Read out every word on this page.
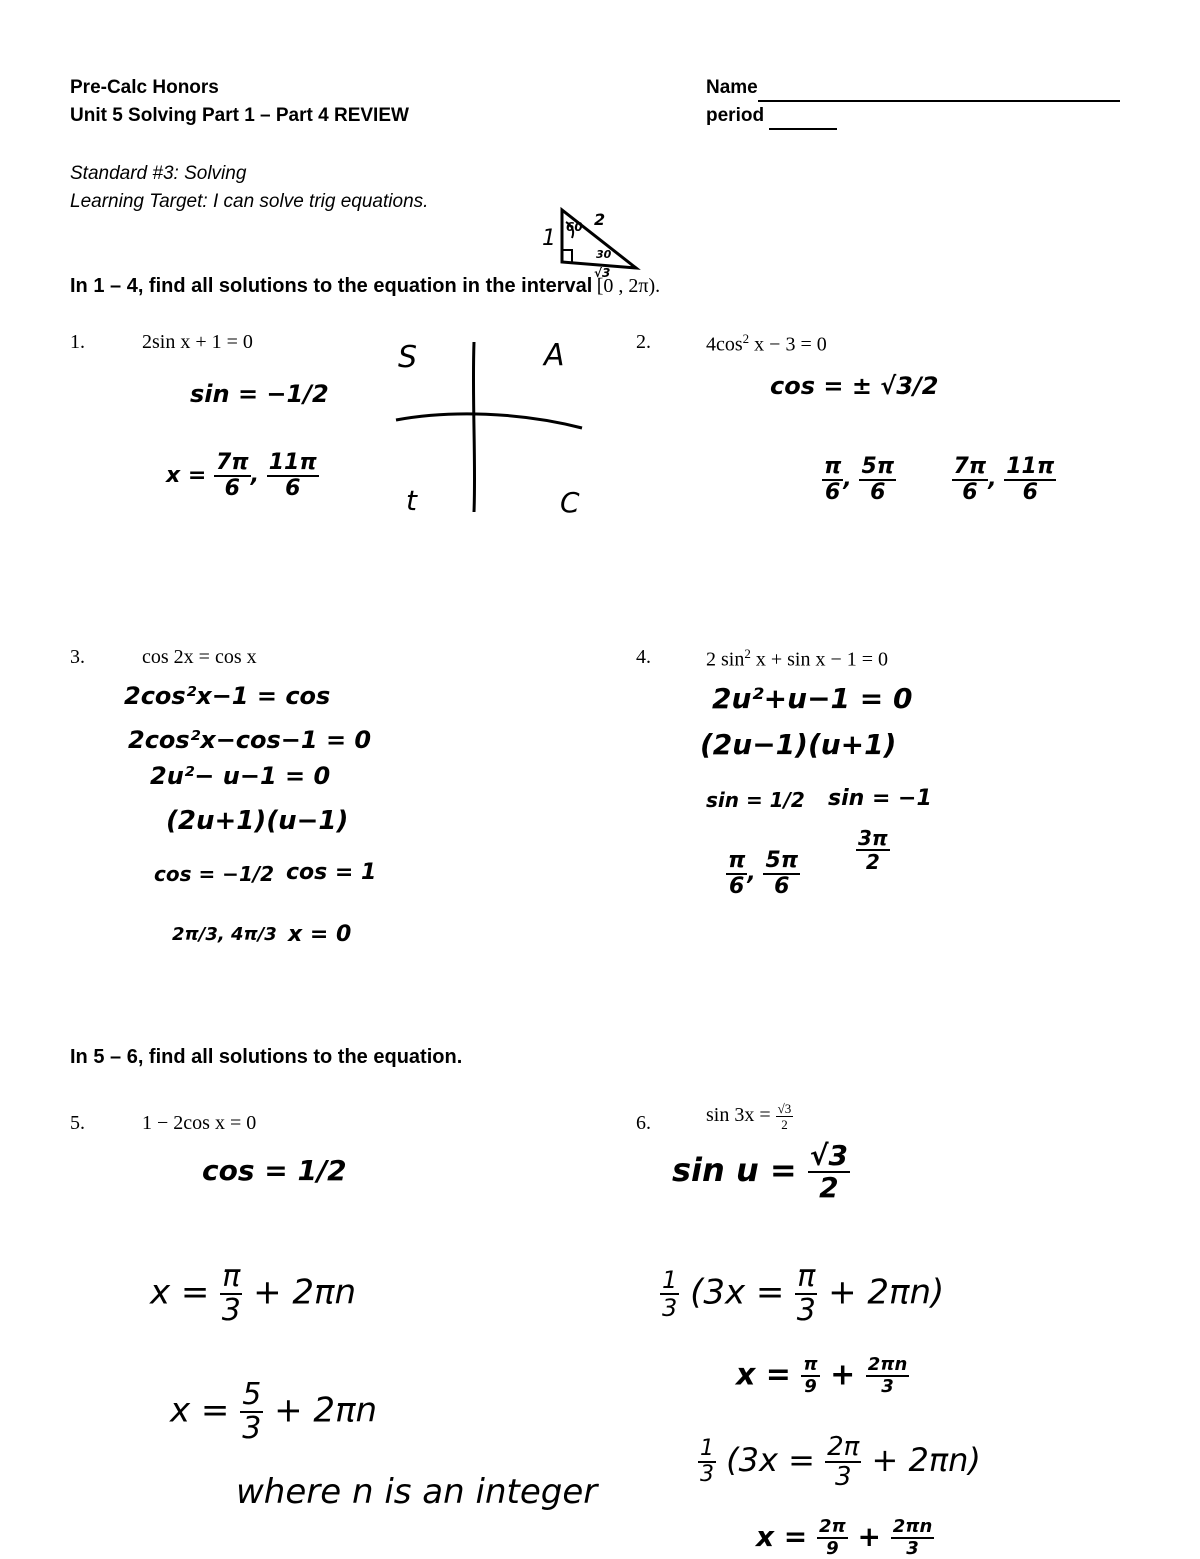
Pre-Calc Honors
Unit 5 Solving Part 1 – Part 4 REVIEW
Name
period
Standard #3: Solving
Learning Target: I can solve trig equations.
1 60 2
30
√3
In 1 – 4, find all solutions to the equation in the interval [0 , 2π).
1.	2sin x + 1 = 0
sin = −1/2
$x = \frac{7\pi}{6}$ , $\frac{11\pi}{6}$
S	A
t	C
2.	$4\cos^2$ x − 3 = 0
cos = ± √3/2
$\frac{\pi}{6}$ , $\frac{5\pi}{6}$
	$\frac{7\pi}{6}$ , $\frac{11\pi}{6}$
3.	cos 2x = cos x
2cos²x−1 = cos
2cos²x−cos−1 = 0
2u²− u−1 = 0
(2u+1)(u−1)
cos = −1/2 cos = 1
2π/3, 4π/3 x = 0
4.	2 $\sin^2 x + \sin x - 1 = 0$
2u²+u−1 = 0
(2u−1)(u+1)
sin = 1/2 sin = −1
$\frac{\pi}{6}$ , $\frac{5\pi}{6}$	$\frac{3\pi}{2}$
In 5 – 6, find all solutions to the equation.
5.	1 − 2cos x = 0
cos = 1/2
$x = \frac{\pi}{3} + 2\pi n$
$x = \frac{5}{3} + 2\pi n$
where n is an integer
6.	$\sin 3x = \frac{√3}{2}$
$\sin u = \frac{√3}{2}$
$\frac{1}{3} (3x = \frac{\pi}{3} + 2\pi n)$
$x = \frac{\pi}{9} + \frac{2\pi n}{3}$
$\frac{1}{3} (3x = \frac{2\pi}{3} + 2\pi n)$
$x = \frac{2\pi}{9} + \frac{2\pi n}{3}$
